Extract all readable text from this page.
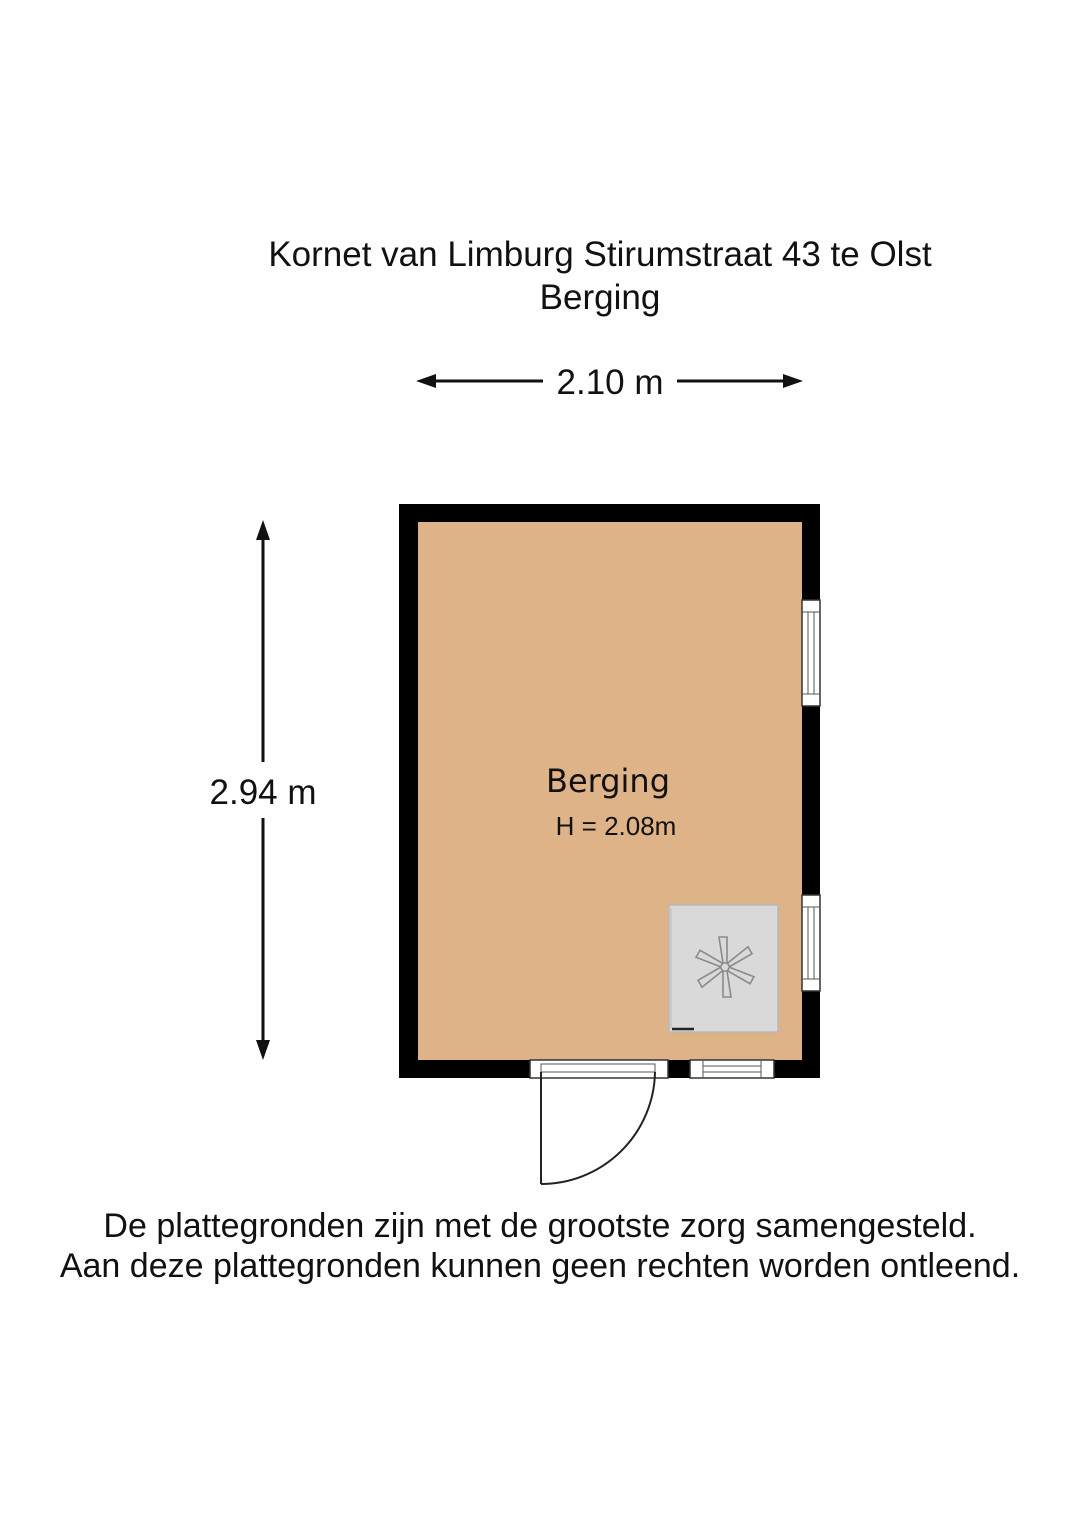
Kornet van Limburg Stirumstraat 43 te Olst
Berging
2.10 m
2.94 m	Berging
H = 2.08m
De plattegronden zijn met de grootste zorg samengesteld.
Aan deze plattegronden kunnen geen rechten worden ontleend.
